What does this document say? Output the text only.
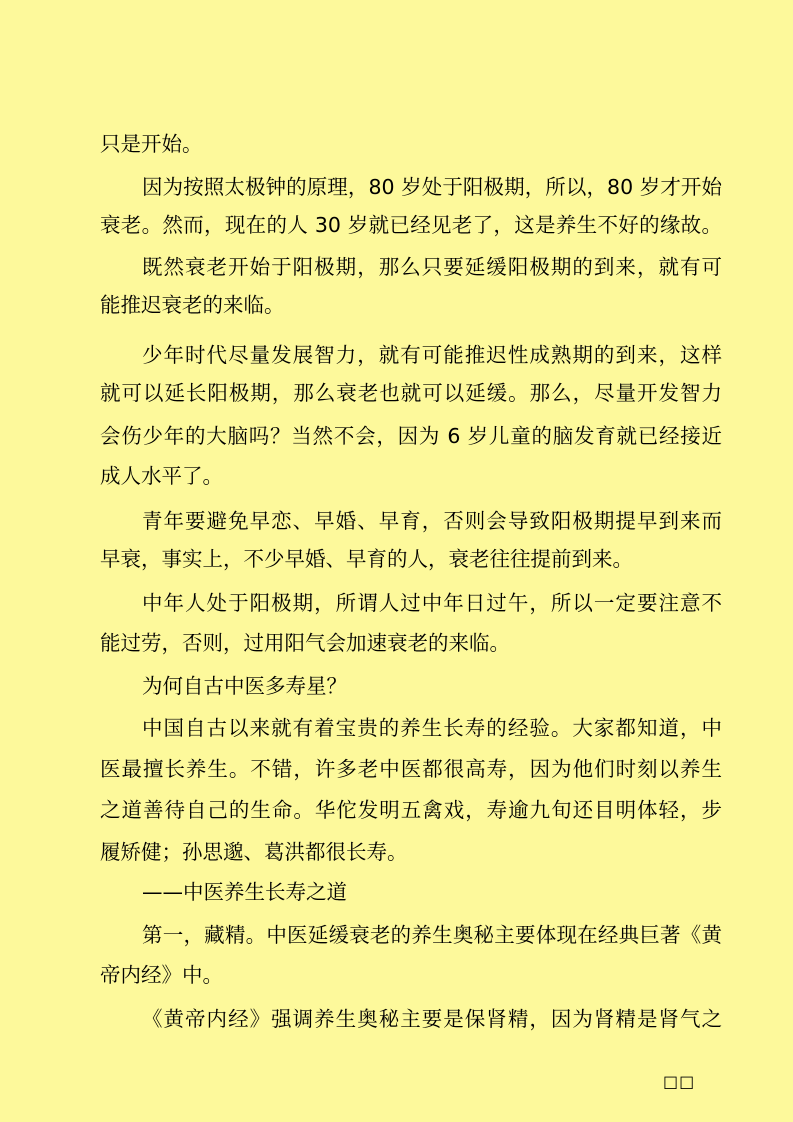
只是开始。
因为按照太极钟的原理，80 岁处于阳极期，所以，80 岁才开始
衰老。然而，现在的人 30 岁就已经见老了，这是养生不好的缘故。
既然衰老开始于阳极期，那么只要延缓阳极期的到来，就有可
能推迟衰老的来临。
少年时代尽量发展智力，就有可能推迟性成熟期的到来，这样
就可以延长阳极期，那么衰老也就可以延缓。那么，尽量开发智力
会伤少年的大脑吗？当然不会，因为 6 岁儿童的脑发育就已经接近
成人水平了。
青年要避免早恋、早婚、早育，否则会导致阳极期提早到来而
早衰，事实上，不少早婚、早育的人，衰老往往提前到来。
中年人处于阳极期，所谓人过中年日过午，所以一定要注意不
能过劳，否则，过用阳气会加速衰老的来临。
为何自古中医多寿星？
中国自古以来就有着宝贵的养生长寿的经验。大家都知道，中
医最擅长养生。不错，许多老中医都很高寿，因为他们时刻以养生
之道善待自己的生命。华佗发明五禽戏，寿逾九旬还目明体轻，步
履矫健；孙思邈、葛洪都很长寿。
——中医养生长寿之道
第一，藏精。中医延缓衰老的养生奥秘主要体现在经典巨著《黄
帝内经》中。
《黄帝内经》强调养生奥秘主要是保肾精，因为肾精是肾气之
□□
